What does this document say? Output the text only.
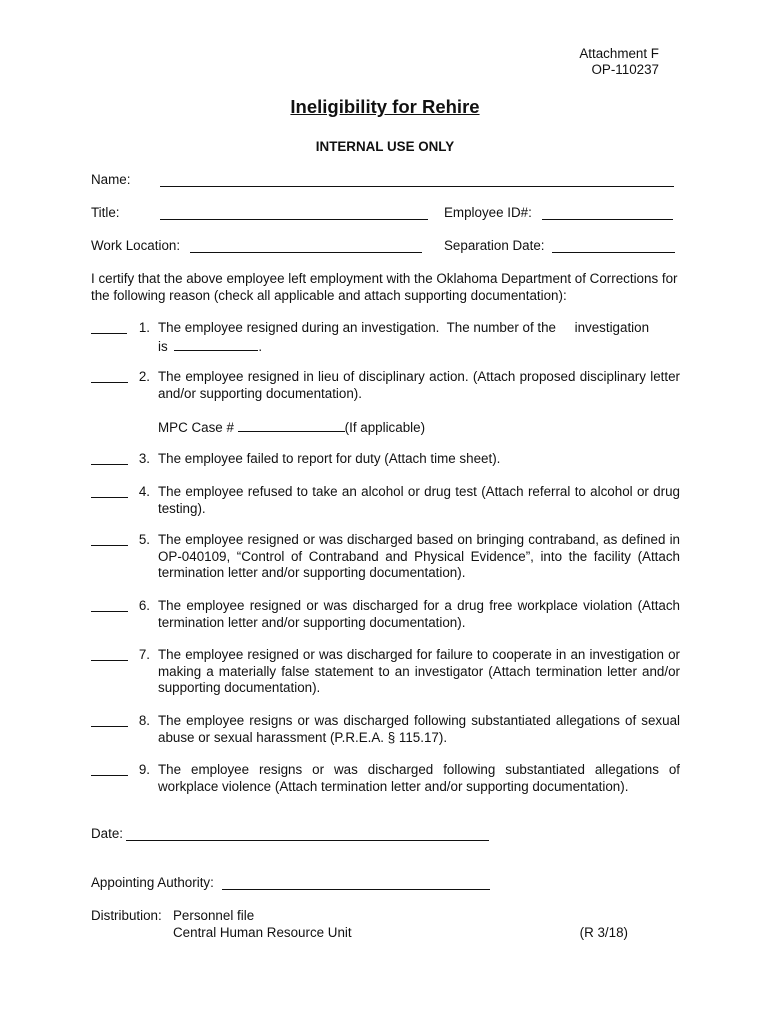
Attachment F
OP-110237
Ineligibility for Rehire
INTERNAL USE ONLY
Name:
Title:	Employee ID#:
Work Location:	Separation Date:
I certify that the above employee left employment with the Oklahoma Department of Corrections for the following reason (check all applicable and attach supporting documentation):
1. The employee resigned during an investigation.  The number of the     investigation
is	.
2. The employee resigned in lieu of disciplinary action. (Attach proposed disciplinary letter and/or supporting documentation).
MPC Case #	(If applicable)
3. The employee failed to report for duty (Attach time sheet).
4. The employee refused to take an alcohol or drug test (Attach referral to alcohol or drug testing).
5. The employee resigned or was discharged based on bringing contraband, as defined in OP-040109, “Control of Contraband and Physical Evidence”, into the facility (Attach termination letter and/or supporting documentation).
6. The employee resigned or was discharged for a drug free workplace violation (Attach termination letter and/or supporting documentation).
7. The employee resigned or was discharged for failure to cooperate in an investigation or making a materially false statement to an investigator (Attach termination letter and/or supporting documentation).
8. The employee resigns or was discharged following substantiated allegations of sexual abuse or sexual harassment (P.R.E.A. § 115.17).
9. The employee resigns or was discharged following substantiated allegations of workplace violence (Attach termination letter and/or supporting documentation).
Date:
Appointing Authority:
Distribution: Personnel file
Central Human Resource Unit	(R 3/18)
